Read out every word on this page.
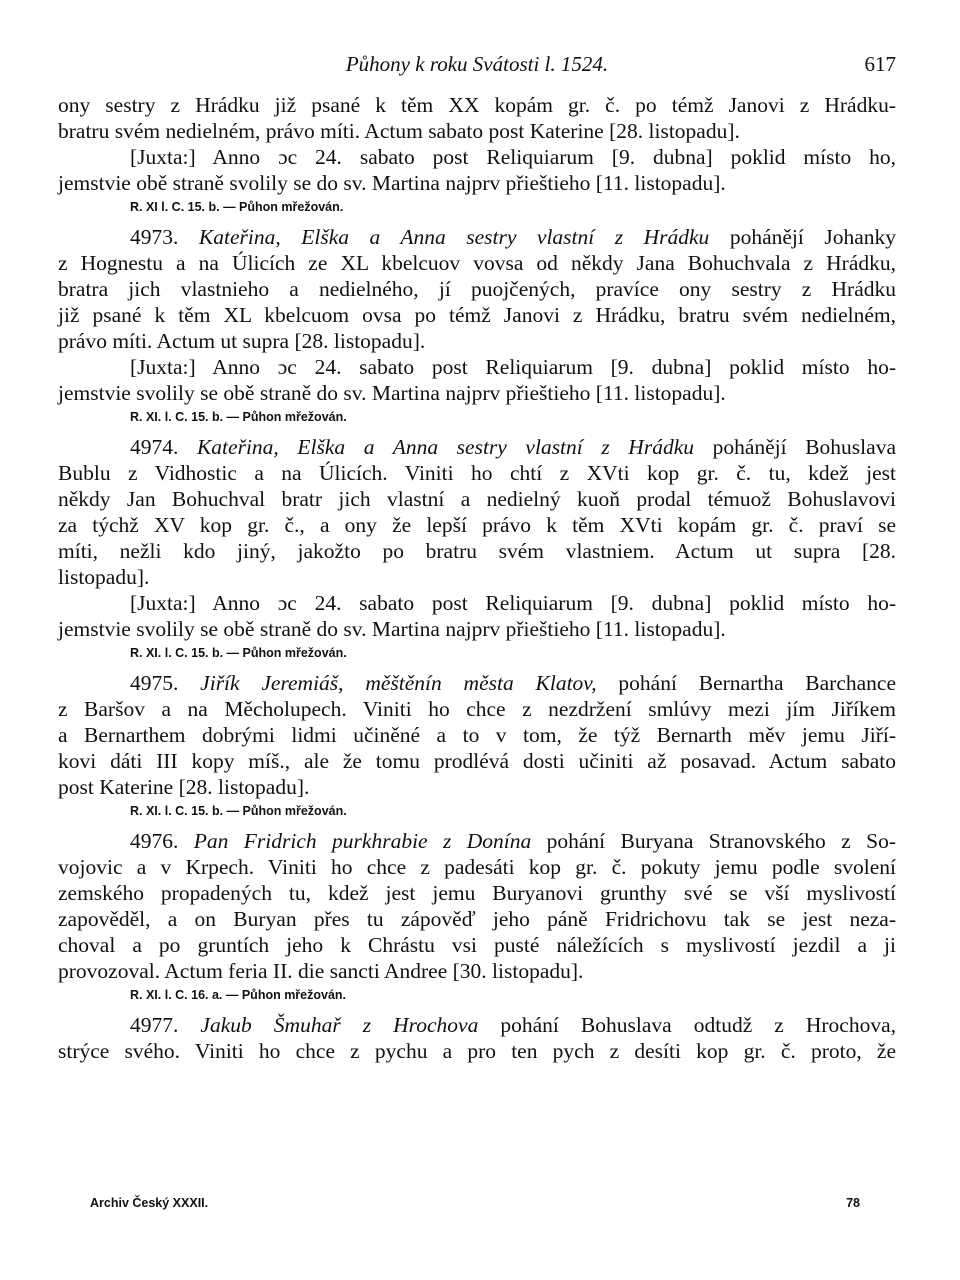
Půhony k roku Svátosti l. 1524.	617
ony sestry z Hrádku již psané k těm XX kopám gr. č. po témž Janovi z Hrádku-
bratru svém nedielném, právo míti. Actum sabato post Katerine [28. listopadu].
[Juxta:] Anno ɔc 24. sabato post Reliquiarum [9. dubna] poklid místo ho,
jemstvie obě straně svolily se do sv. Martina najprv přieštieho [11. listopadu].
R. XI l. C. 15. b. — Půhon mřežován.
4973. Kateřina, Elška a Anna sestry vlastní z Hrádku pohánějí Johanky
z Hognestu a na Úlicích ze XL kbelcuov vovsa od někdy Jana Bohuchvala z Hrádku,
bratra jich vlastnieho a nedielného, jí puojčených, pravíce ony sestry z Hrádku
již psané k těm XL kbelcuom ovsa po témž Janovi z Hrádku, bratru svém nedielném,
právo míti. Actum ut supra [28. listopadu].
[Juxta:] Anno ɔc 24. sabato post Reliquiarum [9. dubna] poklid místo ho-
jemstvie svolily se obě straně do sv. Martina najprv přieštieho [11. listopadu].
R. XI. l. C. 15. b. — Půhon mřežován.
4974. Kateřina, Elška a Anna sestry vlastní z Hrádku pohánějí Bohuslava
Bublu z Vidhostic a na Úlicích. Viniti ho chtí z XVti kop gr. č. tu, kdež jest
někdy Jan Bohuchval bratr jich vlastní a nedielný kuoň prodal témuož Bohuslavovi
za týchž XV kop gr. č., a ony že lepší právo k těm XVti kopám gr. č. praví se
míti, nežli kdo jiný, jakožto po bratru svém vlastniem. Actum ut supra [28.
listopadu].
[Juxta:] Anno ɔc 24. sabato post Reliquiarum [9. dubna] poklid místo ho-
jemstvie svolily se obě straně do sv. Martina najprv přieštieho [11. listopadu].
R. XI. l. C. 15. b. — Půhon mřežován.
4975. Jiřík Jeremiáš, měštěnín města Klatov, pohání Bernartha Barchance
z Baršov a na Měcholupech. Viniti ho chce z nezdržení smlúvy mezi jím Jiříkem
a Bernarthem dobrými lidmi učiněné a to v tom, že týž Bernarth měv jemu Jiří-
kovi dáti III kopy míš., ale že tomu prodlévá dosti učiniti až posavad. Actum sabato
post Katerine [28. listopadu].
R. XI. l. C. 15. b. — Půhon mřežován.
4976. Pan Fridrich purkhrabie z Donína pohání Buryana Stranovského z So-
vojovic a v Krpech. Viniti ho chce z padesáti kop gr. č. pokuty jemu podle svolení
zemského propadených tu, kdež jest jemu Buryanovi grunthy své se vší myslivostí
zapověděl, a on Buryan přes tu zápověď jeho páně Fridrichovu tak se jest neza-
choval a po gruntích jeho k Chrástu vsi pusté náležících s myslivostí jezdil a ji
provozoval. Actum feria II. die sancti Andree [30. listopadu].
R. XI. l. C. 16. a. — Půhon mřežován.
4977. Jakub Šmuhař z Hrochova pohání Bohuslava odtudž z Hrochova,
strýce svého. Viniti ho chce z pychu a pro ten pych z desíti kop gr. č. proto, že
Archiv Český XXXII.	78
